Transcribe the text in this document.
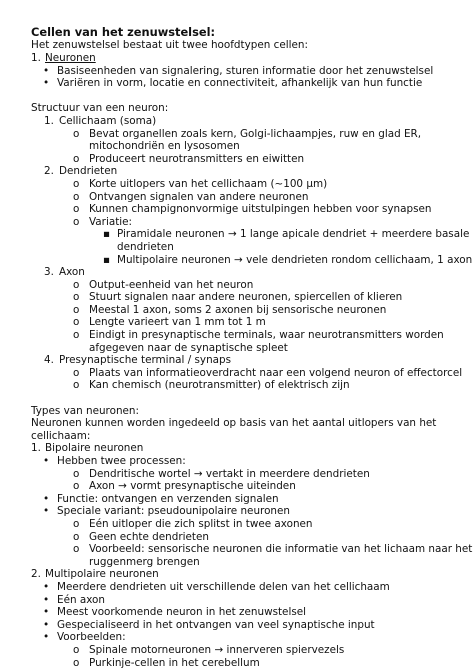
Cellen van het zenuwstelsel:
Het zenuwstelsel bestaat uit twee hoofdtypen cellen:
1. Neuronen
• Basiseenheden van signalering, sturen informatie door het zenuwstelsel
• Variëren in vorm, locatie en connectiviteit, afhankelijk van hun functie
Structuur van een neuron:
1. Cellichaam (soma)
o Bevat organellen zoals kern, Golgi-lichaampjes, ruw en glad ER,
mitochondriën en lysosomen
o Produceert neurotransmitters en eiwitten
2. Dendrieten
o Korte uitlopers van het cellichaam (~100 µm)
o Ontvangen signalen van andere neuronen
o Kunnen champignonvormige uitstulpingen hebben voor synapsen
o Variatie:
▪ Piramidale neuronen → 1 lange apicale dendriet + meerdere basale
dendrieten
▪ Multipolaire neuronen → vele dendrieten rondom cellichaam, 1 axon
3. Axon
o Output-eenheid van het neuron
o Stuurt signalen naar andere neuronen, spiercellen of klieren
o Meestal 1 axon, soms 2 axonen bij sensorische neuronen
o Lengte varieert van 1 mm tot 1 m
o Eindigt in presynaptische terminals, waar neurotransmitters worden
afgegeven naar de synaptische spleet
4. Presynaptische terminal / synaps
o Plaats van informatieoverdracht naar een volgend neuron of effectorcel
o Kan chemisch (neurotransmitter) of elektrisch zijn
Types van neuronen:
Neuronen kunnen worden ingedeeld op basis van het aantal uitlopers van het
cellichaam:
1. Bipolaire neuronen
• Hebben twee processen:
o Dendritische wortel → vertakt in meerdere dendrieten
o Axon → vormt presynaptische uiteinden
• Functie: ontvangen en verzenden signalen
• Speciale variant: pseudounipolaire neuronen
o Eén uitloper die zich splitst in twee axonen
o Geen echte dendrieten
o Voorbeeld: sensorische neuronen die informatie van het lichaam naar het
ruggenmerg brengen
2. Multipolaire neuronen
• Meerdere dendrieten uit verschillende delen van het cellichaam
• Eén axon
• Meest voorkomende neuron in het zenuwstelsel
• Gespecialiseerd in het ontvangen van veel synaptische input
• Voorbeelden:
o Spinale motorneuronen → innerveren spiervezels
o Purkinje-cellen in het cerebellum
